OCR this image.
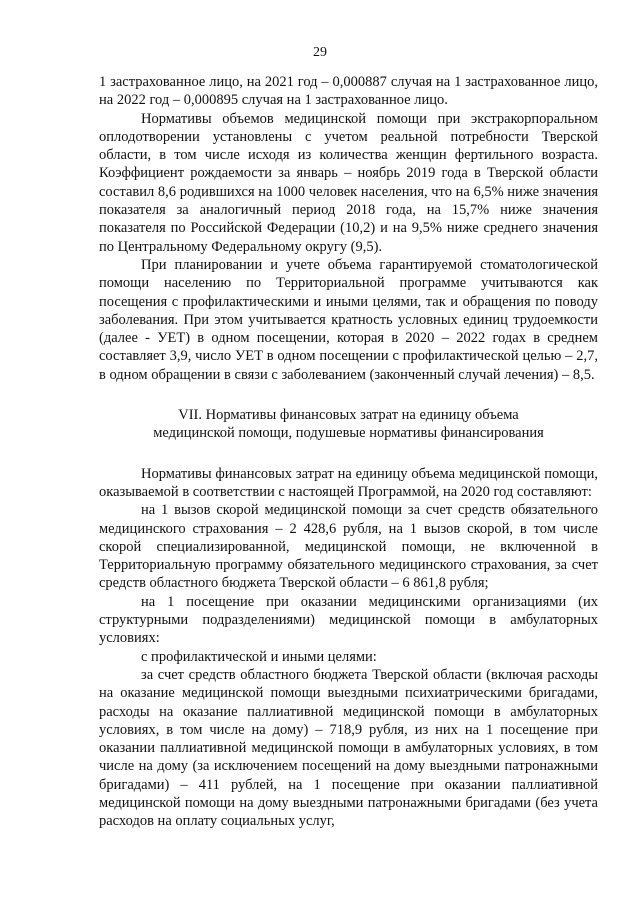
29

1 застрахованное лицо, на 2021 год – 0,000887 случая на 1 застрахованное лицо, на 2022 год – 0,000895 случая на 1 застрахованное лицо.

Нормативы объемов медицинской помощи при экстракорпоральном оплодотворении установлены с учетом реальной потребности Тверской области, в том числе исходя из количества женщин фертильного возраста. Коэффициент рождаемости за январь – ноябрь 2019 года в Тверской области составил 8,6 родившихся на 1000 человек населения, что на 6,5% ниже значения показателя за аналогичный период 2018 года, на 15,7% ниже значения показателя по Российской Федерации (10,2) и на 9,5% ниже среднего значения по Центральному Федеральному округу (9,5).

При планировании и учете объема гарантируемой стоматологической помощи населению по Территориальной программе учитываются как посещения с профилактическими и иными целями, так и обращения по поводу заболевания. При этом учитывается кратность условных единиц трудоемкости (далее - УЕТ) в одном посещении, которая в 2020 – 2022 годах в среднем составляет 3,9, число УЕТ в одном посещении с профилактической целью – 2,7, в одном обращении в связи с заболеванием (законченный случай лечения) – 8,5.

VII. Нормативы финансовых затрат на единицу объема
медицинской помощи, подушевые нормативы финансирования

Нормативы финансовых затрат на единицу объема медицинской помощи, оказываемой в соответствии с настоящей Программой, на 2020 год составляют:

на 1 вызов скорой медицинской помощи за счет средств обязательного медицинского страхования – 2 428,6 рубля, на 1 вызов скорой, в том числе скорой специализированной, медицинской помощи, не включенной в Территориальную программу обязательного медицинского страхования, за счет средств областного бюджета Тверской области – 6 861,8 рубля;

на 1 посещение при оказании медицинскими организациями (их структурными подразделениями) медицинской помощи в амбулаторных условиях:

с профилактической и иными целями:

за счет средств областного бюджета Тверской области (включая расходы на оказание медицинской помощи выездными психиатрическими бригадами, расходы на оказание паллиативной медицинской помощи в амбулаторных условиях, в том числе на дому) – 718,9 рубля, из них на 1 посещение при оказании паллиативной медицинской помощи в амбулаторных условиях, в том числе на дому (за исключением посещений на дому выездными патронажными бригадами) – 411 рублей, на 1 посещение при оказании паллиативной медицинской помощи на дому выездными патронажными бригадами (без учета расходов на оплату социальных услуг,
